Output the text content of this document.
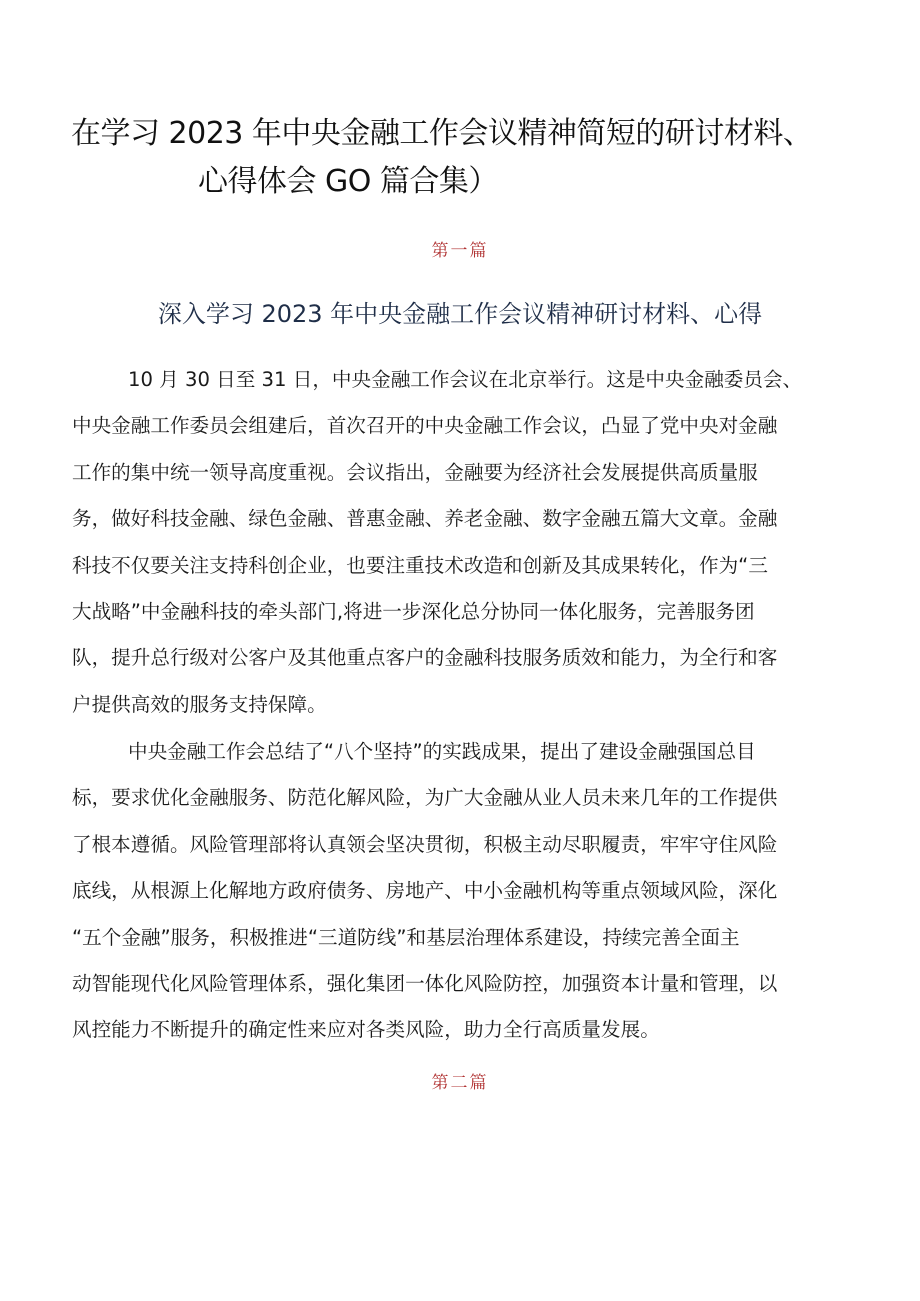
在学习 2023 年中央金融工作会议精神简短的研讨材料、
心得体会 GO 篇合集）
第一篇
深入学习 2023 年中央金融工作会议精神研讨材料、心得
10 月 30 日至 31 日，中央金融工作会议在北京举行。这是中央金融委员会、
中央金融工作委员会组建后，首次召开的中央金融工作会议，凸显了党中央对金融
工作的集中统一领导高度重视。会议指出，金融要为经济社会发展提供高质量服
务，做好科技金融、绿色金融、普惠金融、养老金融、数字金融五篇大文章。金融
科技不仅要关注支持科创企业，也要注重技术改造和创新及其成果转化，作为“三
大战略”中金融科技的牵头部门,将进一步深化总分协同一体化服务，完善服务团
队，提升总行级对公客户及其他重点客户的金融科技服务质效和能力，为全行和客
户提供高效的服务支持保障。
中央金融工作会总结了“八个坚持”的实践成果，提出了建设金融强国总目
标，要求优化金融服务、防范化解风险，为广大金融从业人员未来几年的工作提供
了根本遵循。风险管理部将认真领会坚决贯彻，积极主动尽职履责，牢牢守住风险
底线，从根源上化解地方政府债务、房地产、中小金融机构等重点领域风险，深化
“五个金融”服务，积极推进“三道防线”和基层治理体系建设，持续完善全面主
动智能现代化风险管理体系，强化集团一体化风险防控，加强资本计量和管理，以
风控能力不断提升的确定性来应对各类风险，助力全行高质量发展。
第二篇
